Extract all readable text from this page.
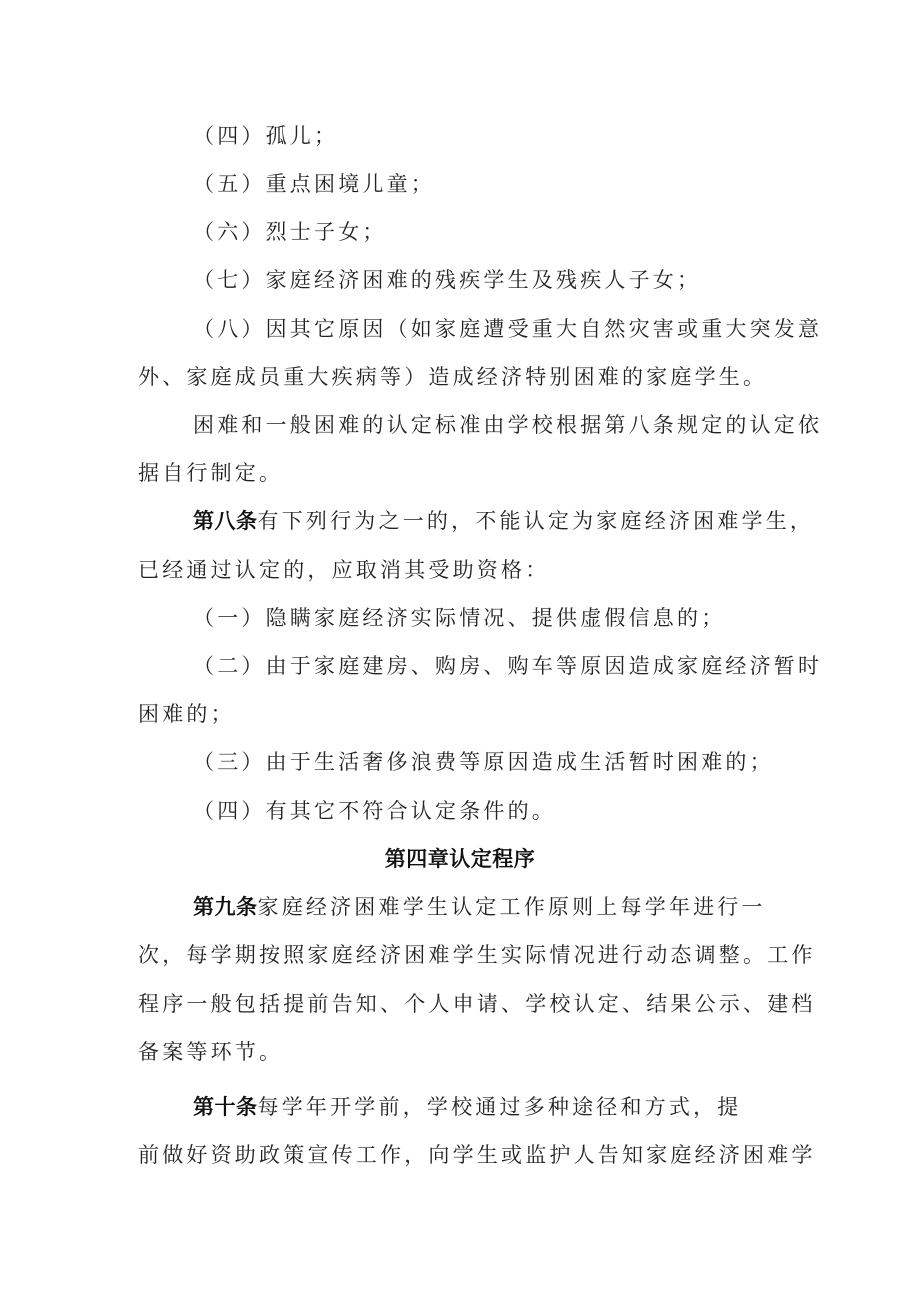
（四）孤儿；
（五）重点困境儿童；
（六）烈士子女；
（七）家庭经济困难的残疾学生及残疾人子女；
（八）因其它原因（如家庭遭受重大自然灾害或重大突发意
外、家庭成员重大疾病等）造成经济特别困难的家庭学生。
困难和一般困难的认定标准由学校根据第八条规定的认定依
据自行制定。
第八条有下列行为之一的，不能认定为家庭经济困难学生，
已经通过认定的，应取消其受助资格：
（一）隐瞒家庭经济实际情况、提供虚假信息的；
（二）由于家庭建房、购房、购车等原因造成家庭经济暂时
困难的；
（三）由于生活奢侈浪费等原因造成生活暂时困难的；
（四）有其它不符合认定条件的。
第四章认定程序
第九条家庭经济困难学生认定工作原则上每学年进行一
次，每学期按照家庭经济困难学生实际情况进行动态调整。工作
程序一般包括提前告知、个人申请、学校认定、结果公示、建档
备案等环节。
第十条每学年开学前，学校通过多种途径和方式，提
前做好资助政策宣传工作，向学生或监护人告知家庭经济困难学
